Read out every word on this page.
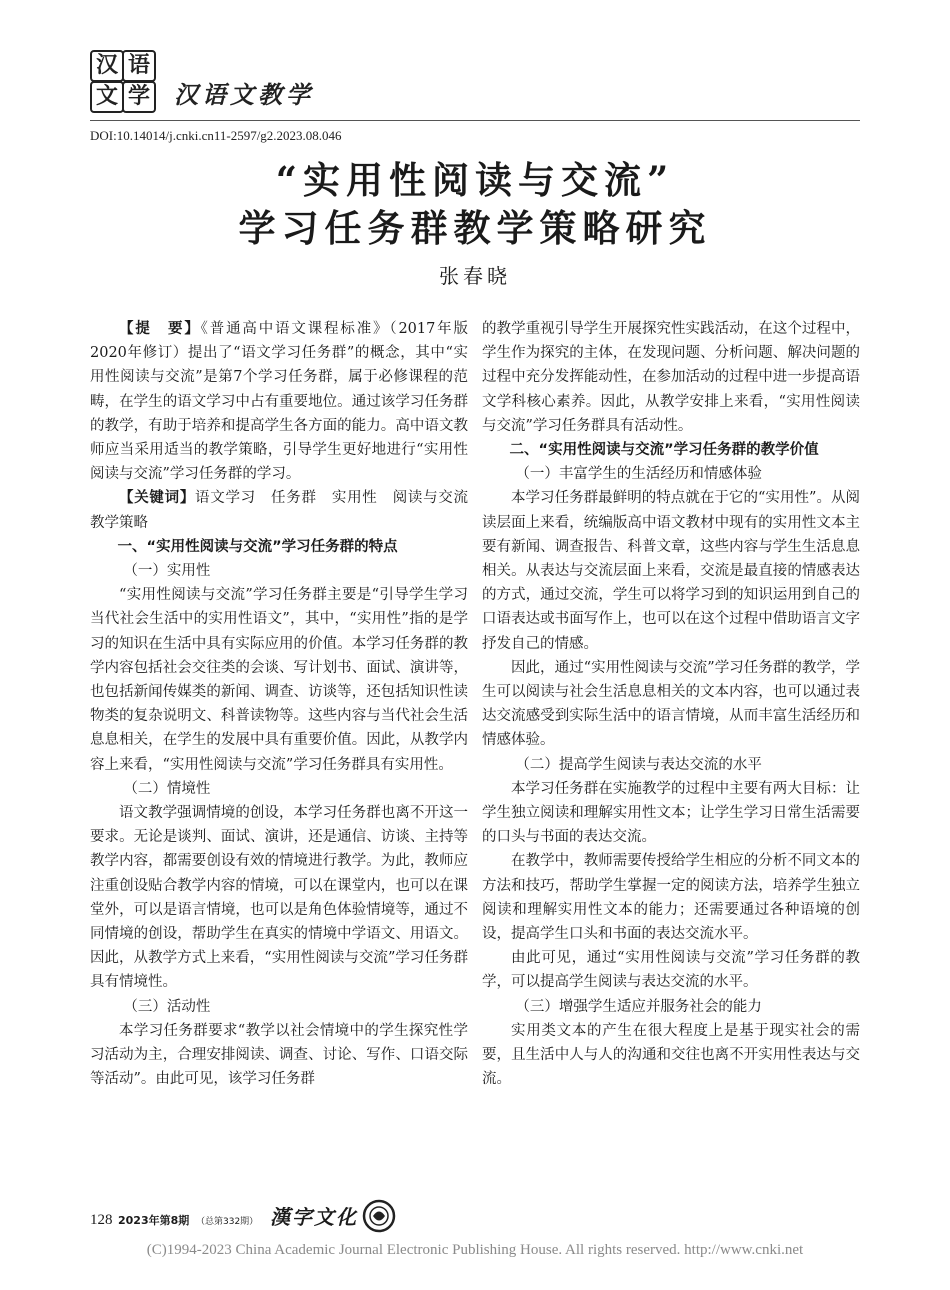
汉 语
文 学 汉语文教学
DOI:10.14014/j.cnki.cn11-2597/g2.2023.08.046
“实用性阅读与交流”
学习任务群教学策略研究
张春晓

【提　要】《普通高中语文课程标准》（2017年版2020年修订）提出了“语文学习任务群”的概念，其中“实用性阅读与交流”是第7个学习任务群，属于必修课程的范畴，在学生的语文学习中占有重要地位。通过该学习任务群的教学，有助于培养和提高学生各方面的能力。高中语文教师应当采用适当的教学策略，引导学生更好地进行“实用性阅读与交流”学习任务群的学习。

【关键词】语文学习　任务群　实用性　阅读与交流　教学策略

一、“实用性阅读与交流”学习任务群的特点
（一）实用性

“实用性阅读与交流”学习任务群主要是“引导学生学习当代社会生活中的实用性语文”，其中，“实用性”指的是学习的知识在生活中具有实际应用的价值。本学习任务群的教学内容包括社会交往类的会谈、写计划书、面试、演讲等，也包括新闻传媒类的新闻、调查、访谈等，还包括知识性读物类的复杂说明文、科普读物等。这些内容与当代社会生活息息相关，在学生的发展中具有重要价值。因此，从教学内容上来看，“实用性阅读与交流”学习任务群具有实用性。

（二）情境性

语文教学强调情境的创设，本学习任务群也离不开这一要求。无论是谈判、面试、演讲，还是通信、访谈、主持等教学内容，都需要创设有效的情境进行教学。为此，教师应注重创设贴合教学内容的情境，可以在课堂内，也可以在课堂外，可以是语言情境，也可以是角色体验情境等，通过不同情境的创设，帮助学生在真实的情境中学语文、用语文。因此，从教学方式上来看，“实用性阅读与交流”学习任务群具有情境性。

（三）活动性

本学习任务群要求“教学以社会情境中的学生探究性学习活动为主，合理安排阅读、调查、讨论、写作、口语交际等活动”。由此可见，该学习任务群

的教学重视引导学生开展探究性实践活动，在这个过程中，学生作为探究的主体，在发现问题、分析问题、解决问题的过程中充分发挥能动性，在参加活动的过程中进一步提高语文学科核心素养。因此，从教学安排上来看，“实用性阅读与交流”学习任务群具有活动性。

二、“实用性阅读与交流”学习任务群的教学价值
（一）丰富学生的生活经历和情感体验

本学习任务群最鲜明的特点就在于它的“实用性”。从阅读层面上来看，统编版高中语文教材中现有的实用性文本主要有新闻、调查报告、科普文章，这些内容与学生生活息息相关。从表达与交流层面上来看，交流是最直接的情感表达的方式，通过交流，学生可以将学习到的知识运用到自己的口语表达或书面写作上，也可以在这个过程中借助语言文字抒发自己的情感。

因此，通过“实用性阅读与交流”学习任务群的教学，学生可以阅读与社会生活息息相关的文本内容，也可以通过表达交流感受到实际生活中的语言情境，从而丰富生活经历和情感体验。

（二）提高学生阅读与表达交流的水平

本学习任务群在实施教学的过程中主要有两大目标：让学生独立阅读和理解实用性文本；让学生学习日常生活需要的口头与书面的表达交流。

在教学中，教师需要传授给学生相应的分析不同文本的方法和技巧，帮助学生掌握一定的阅读方法，培养学生独立阅读和理解实用性文本的能力；还需要通过各种语境的创设，提高学生口头和书面的表达交流水平。

由此可见，通过“实用性阅读与交流”学习任务群的教学，可以提高学生阅读与表达交流的水平。

（三）增强学生适应并服务社会的能力

实用类文本的产生在很大程度上是基于现实社会的需要，且生活中人与人的沟通和交往也离不开实用性表达与交流。

128 2023年第8期 （总第332期） 漢字文化
(C)1994-2023 China Academic Journal Electronic Publishing House. All rights reserved. http://www.cnki.net
